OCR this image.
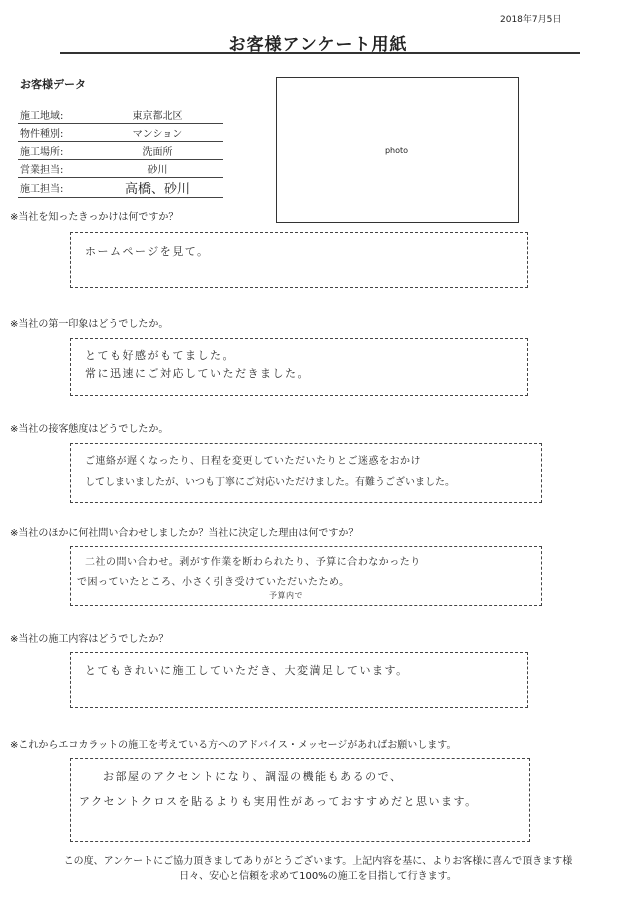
2018年7月5日
お客様アンケート用紙
お客様データ
施工地域:	東京都北区
物件種別:	マンション
施工場所:	洗面所
営業担当:	砂川
施工担当:	高橋、砂川
photo
※当社を知ったきっかけは何ですか？
ホームページを見て。
※当社の第一印象はどうでしたか。
とても好感がもてました。
常に迅速にご対応していただきました。
※当社の接客態度はどうでしたか。
ご連絡が遅くなったり、日程を変更していただいたりとご迷惑をおかけ
してしまいましたが、いつも丁寧にご対応いただけました。有難うございました。
※当社のほかに何社問い合わせしましたか？当社に決定した理由は何ですか？
二社の問い合わせ。剥がす作業を断わられたり、予算に合わなかったり
で困っていたところ、小さく引き受けていただいたため。
予算内で
※当社の施工内容はどうでしたか？
とてもきれいに施工していただき、大変満足しています。
※これからエコカラットの施工を考えている方へのアドバイス・メッセージがあればお願いします。
お部屋のアクセントになり、調湿の機能もあるので、
アクセントクロスを貼るよりも実用性があっておすすめだと思います。
この度、アンケートにご協力頂きましてありがとうございます。上記内容を基に、よりお客様に喜んで頂きます様
日々、安心と信頼を求めて100%の施工を目指して行きます。
